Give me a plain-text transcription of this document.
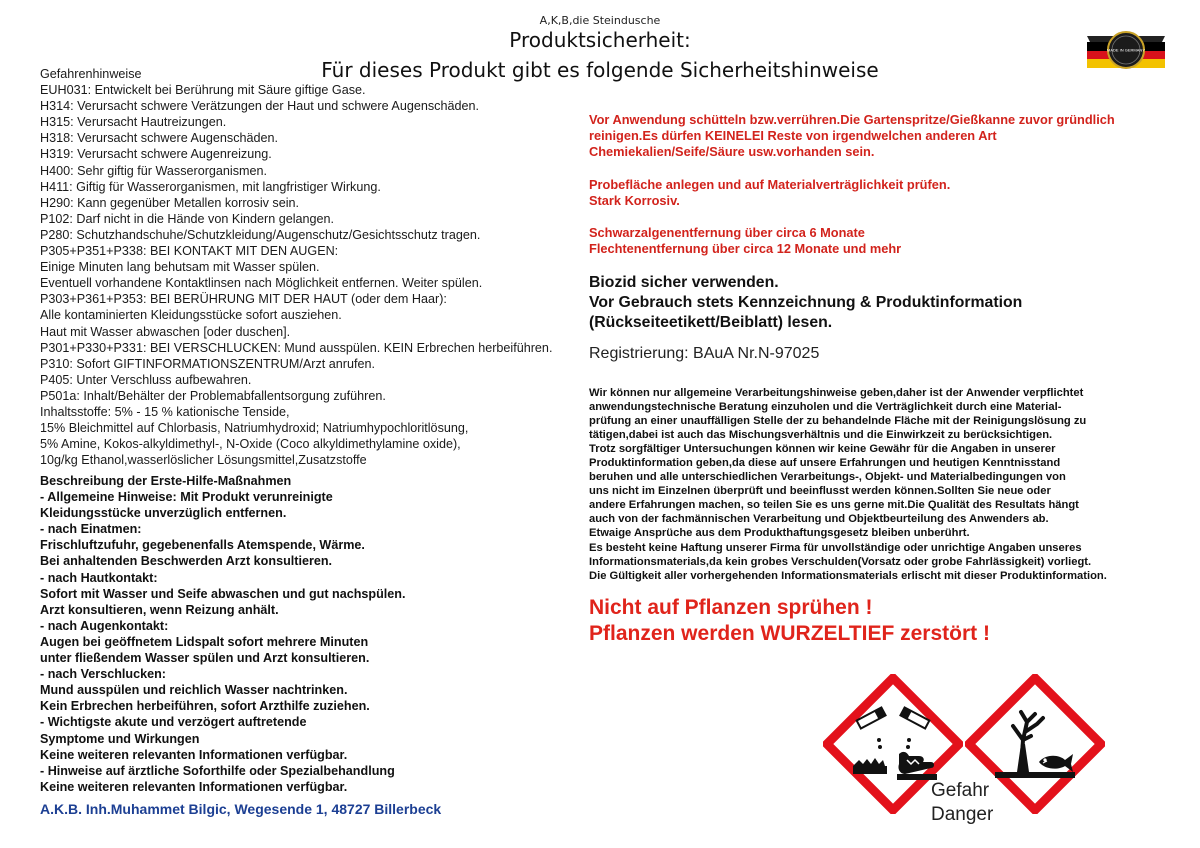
A,K,B,die Steindusche
Produktsicherheit:
Für dieses Produkt gibt es folgende Sicherheitshinweise
MADE IN GERMANY
Gefahrenhinweise
EUH031: Entwickelt bei Berührung mit Säure giftige Gase.
H314: Verursacht schwere Verätzungen der Haut und schwere Augenschäden.
H315: Verursacht Hautreizungen.
H318: Verursacht schwere Augenschäden.
H319: Verursacht schwere Augenreizung.
H400: Sehr giftig für Wasserorganismen.
H411: Giftig für Wasserorganismen, mit langfristiger Wirkung.
H290: Kann gegenüber Metallen korrosiv sein.
P102: Darf nicht in die Hände von Kindern gelangen.
P280: Schutzhandschuhe/Schutzkleidung/Augenschutz/Gesichtsschutz tragen.
P305+P351+P338: BEI KONTAKT MIT DEN AUGEN:
Einige Minuten lang behutsam mit Wasser spülen.
Eventuell vorhandene Kontaktlinsen nach Möglichkeit entfernen. Weiter spülen.
P303+P361+P353: BEI BERÜHRUNG MIT DER HAUT (oder dem Haar):
Alle kontaminierten Kleidungsstücke sofort ausziehen.
Haut mit Wasser abwaschen [oder duschen].
P301+P330+P331: BEI VERSCHLUCKEN: Mund ausspülen. KEIN Erbrechen herbeiführen.
P310: Sofort GIFTINFORMATIONSZENTRUM/Arzt anrufen.
P405: Unter Verschluss aufbewahren.
P501a: Inhalt/Behälter der Problemabfallentsorgung zuführen.
Inhaltsstoffe: 5% - 15 % kationische Tenside,
15% Bleichmittel auf Chlorbasis, Natriumhydroxid; Natriumhypochloritlösung,
5% Amine, Kokos-alkyldimethyl-, N-Oxide (Coco alkyldimethylamine oxide),
10g/kg Ethanol,wasserlöslicher Lösungsmittel,Zusatzstoffe
Beschreibung der Erste-Hilfe-Maßnahmen
- Allgemeine Hinweise: Mit Produkt verunreinigte
Kleidungsstücke unverzüglich entfernen.
- nach Einatmen:
Frischluftzufuhr, gegebenenfalls Atemspende, Wärme.
Bei anhaltenden Beschwerden Arzt konsultieren.
- nach Hautkontakt:
Sofort mit Wasser und Seife abwaschen und gut nachspülen.
Arzt konsultieren, wenn Reizung anhält.
- nach Augenkontakt:
Augen bei geöffnetem Lidspalt sofort mehrere Minuten
unter fließendem Wasser spülen und Arzt konsultieren.
- nach Verschlucken:
Mund ausspülen und reichlich Wasser nachtrinken.
Kein Erbrechen herbeiführen, sofort Arzthilfe zuziehen.
- Wichtigste akute und verzögert auftretende
Symptome und Wirkungen
Keine weiteren relevanten Informationen verfügbar.
- Hinweise auf ärztliche Soforthilfe oder Spezialbehandlung
Keine weiteren relevanten Informationen verfügbar.
A.K.B. Inh.Muhammet Bilgic, Wegesende 1, 48727 Billerbeck
Vor Anwendung schütteln bzw.verrühren.Die Gartenspritze/Gießkanne zuvor gründlich
reinigen.Es dürfen KEINELEI Reste von irgendwelchen anderen Art
Chemiekalien/Seife/Säure usw.vorhanden sein.
Probefläche anlegen und auf Materialverträglichkeit prüfen.
Stark Korrosiv.
Schwarzalgenentfernung über circa 6 Monate
Flechtenentfernung über circa 12 Monate und mehr
Biozid sicher verwenden.
Vor Gebrauch stets Kennzeichnung & Produktinformation
(Rückseiteetikett/Beiblatt) lesen.
Registrierung: BAuA Nr.N-97025
Wir können nur allgemeine Verarbeitungshinweise geben,daher ist der Anwender verpflichtet
anwendungstechnische Beratung einzuholen und die Verträglichkeit durch eine Material-
prüfung an einer unauffälligen Stelle der zu behandelnde Fläche mit der Reinigungslösung zu
tätigen,dabei ist auch das Mischungsverhältnis und die Einwirkzeit zu berücksichtigen.
Trotz sorgfältiger Untersuchungen können wir keine Gewähr für die Angaben in unserer
Produktinformation geben,da diese auf unsere Erfahrungen und heutigen Kenntnisstand
beruhen und alle unterschiedlichen Verarbeitungs-, Objekt- und Materialbedingungen von
uns nicht im Einzelnen überprüft und beeinflusst werden können.Sollten Sie neue oder
andere Erfahrungen machen, so teilen Sie es uns gerne mit.Die Qualität des Resultats hängt
auch von der fachmännischen Verarbeitung und Objektbeurteilung des Anwenders ab.
Etwaige Ansprüche aus dem Produkthaftungsgesetz bleiben unberührt.
Es besteht keine Haftung unserer Firma für unvollständige oder unrichtige Angaben unseres
Informationsmaterials,da kein grobes Verschulden(Vorsatz oder grobe Fahrlässigkeit) vorliegt.
Die Gültigkeit aller vorhergehenden Informationsmaterials erlischt mit dieser Produktinformation.
Nicht auf Pflanzen sprühen !
Pflanzen werden WURZELTIEF zerstört !
Gefahr
Danger
